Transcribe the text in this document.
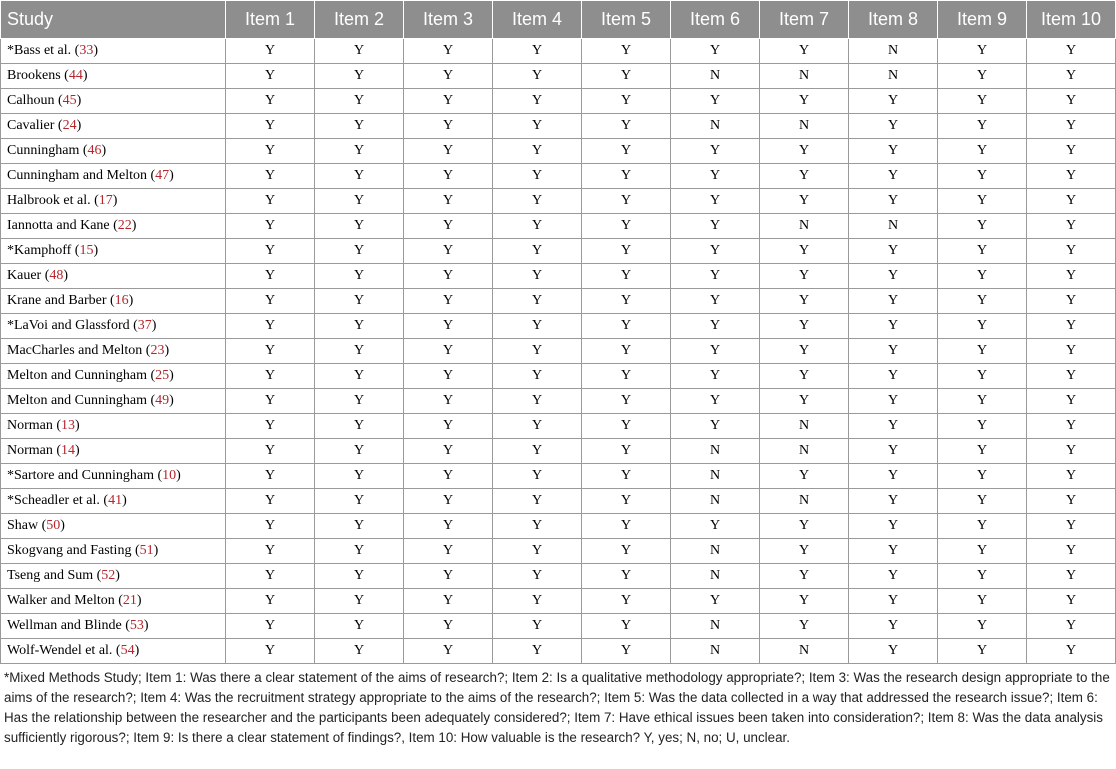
Study	Item 1	Item 2	Item 3	Item 4	Item 5	Item 6	Item 7	Item 8	Item 9	Item 10
*Bass et al. (33)	Y	Y	Y	Y	Y	Y	Y	N	Y	Y
Brookens (44)	Y	Y	Y	Y	Y	N	N	N	Y	Y
Calhoun (45)	Y	Y	Y	Y	Y	Y	Y	Y	Y	Y
Cavalier (24)	Y	Y	Y	Y	Y	N	N	Y	Y	Y
Cunningham (46)	Y	Y	Y	Y	Y	Y	Y	Y	Y	Y
Cunningham and Melton (47)	Y	Y	Y	Y	Y	Y	Y	Y	Y	Y
Halbrook et al. (17)	Y	Y	Y	Y	Y	Y	Y	Y	Y	Y
Iannotta and Kane (22)	Y	Y	Y	Y	Y	Y	N	N	Y	Y
*Kamphoff (15)	Y	Y	Y	Y	Y	Y	Y	Y	Y	Y
Kauer (48)	Y	Y	Y	Y	Y	Y	Y	Y	Y	Y
Krane and Barber (16)	Y	Y	Y	Y	Y	Y	Y	Y	Y	Y
*LaVoi and Glassford (37)	Y	Y	Y	Y	Y	Y	Y	Y	Y	Y
MacCharles and Melton (23)	Y	Y	Y	Y	Y	Y	Y	Y	Y	Y
Melton and Cunningham (25)	Y	Y	Y	Y	Y	Y	Y	Y	Y	Y
Melton and Cunningham (49)	Y	Y	Y	Y	Y	Y	Y	Y	Y	Y
Norman (13)	Y	Y	Y	Y	Y	Y	N	Y	Y	Y
Norman (14)	Y	Y	Y	Y	Y	N	N	Y	Y	Y
*Sartore and Cunningham (10)	Y	Y	Y	Y	Y	N	Y	Y	Y	Y
*Scheadler et al. (41)	Y	Y	Y	Y	Y	N	N	Y	Y	Y
Shaw (50)	Y	Y	Y	Y	Y	Y	Y	Y	Y	Y
Skogvang and Fasting (51)	Y	Y	Y	Y	Y	N	Y	Y	Y	Y
Tseng and Sum (52)	Y	Y	Y	Y	Y	N	Y	Y	Y	Y
Walker and Melton (21)	Y	Y	Y	Y	Y	Y	Y	Y	Y	Y
Wellman and Blinde (53)	Y	Y	Y	Y	Y	N	Y	Y	Y	Y
Wolf-Wendel et al. (54)	Y	Y	Y	Y	Y	N	N	Y	Y	Y
*Mixed Methods Study; Item 1: Was there a clear statement of the aims of research?; Item 2: Is a qualitative methodology appropriate?; Item 3: Was the research design appropriate to the aims of the research?; Item 4: Was the recruitment strategy appropriate to the aims of the research?; Item 5: Was the data collected in a way that addressed the research issue?; Item 6: Has the relationship between the researcher and the participants been adequately considered?; Item 7: Have ethical issues been taken into consideration?; Item 8: Was the data analysis sufficiently rigorous?; Item 9: Is there a clear statement of findings?, Item 10: How valuable is the research? Y, yes; N, no; U, unclear.
